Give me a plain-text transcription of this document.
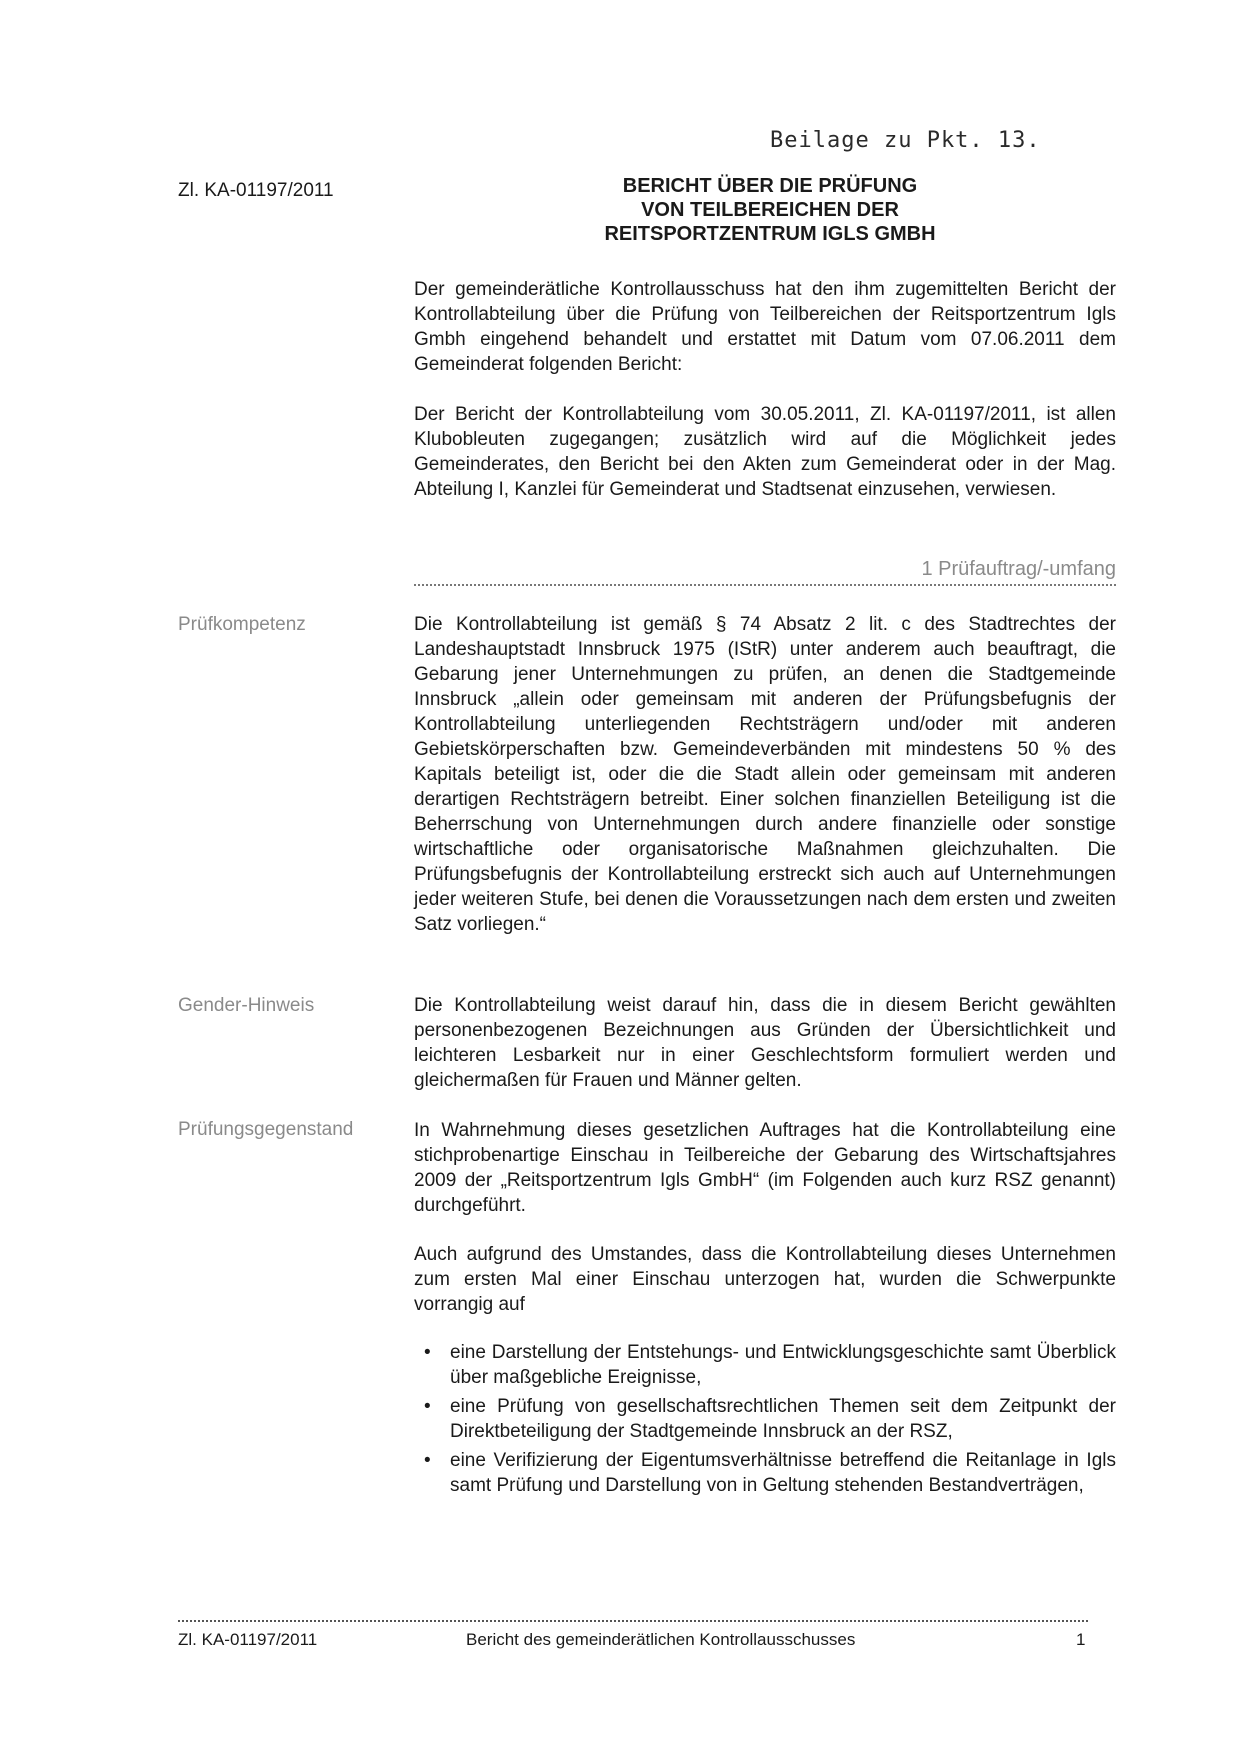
Beilage zu Pkt. 13.
Zl. KA-01197/2011	BERICHT ÜBER DIE PRÜFUNG
VON TEILBEREICHEN DER
REITSPORTZENTRUM IGLS GMBH
Der gemeinderätliche Kontrollausschuss hat den ihm zugemittelten Bericht der Kontrollabteilung über die Prüfung von Teilbereichen der Reitsportzentrum Igls Gmbh eingehend behandelt und erstattet mit Datum vom 07.06.2011 dem Gemeinderat folgenden Bericht:
Der Bericht der Kontrollabteilung vom 30.05.2011, Zl. KA-01197/2011, ist allen Klubobleuten zugegangen; zusätzlich wird auf die Möglichkeit jedes Gemeinderates, den Bericht bei den Akten zum Gemeinderat oder in der Mag. Abteilung I, Kanzlei für Gemeinderat und Stadtsenat einzusehen, verwiesen.
1 Prüfauftrag/-umfang
Prüfkompetenz	Die Kontrollabteilung ist gemäß § 74 Absatz 2 lit. c des Stadtrechtes der Landeshauptstadt Innsbruck 1975 (IStR) unter anderem auch beauftragt, die Gebarung jener Unternehmungen zu prüfen, an denen die Stadtgemeinde Innsbruck „allein oder gemeinsam mit anderen der Prüfungsbefugnis der Kontrollabteilung unterliegenden Rechtsträgern und/oder mit anderen Gebietskörperschaften bzw. Gemeindeverbänden mit mindestens 50 % des Kapitals beteiligt ist, oder die die Stadt allein oder gemeinsam mit anderen derartigen Rechtsträgern betreibt. Einer solchen finanziellen Beteiligung ist die Beherrschung von Unternehmungen durch andere finanzielle oder sonstige wirtschaftliche oder organisatorische Maßnahmen gleichzuhalten. Die Prüfungsbefugnis der Kontrollabteilung erstreckt sich auch auf Unternehmungen jeder weiteren Stufe, bei denen die Voraussetzungen nach dem ersten und zweiten Satz vorliegen.“
Gender-Hinweis	Die Kontrollabteilung weist darauf hin, dass die in diesem Bericht gewählten personenbezogenen Bezeichnungen aus Gründen der Übersichtlichkeit und leichteren Lesbarkeit nur in einer Geschlechtsform formuliert werden und gleichermaßen für Frauen und Männer gelten.
Prüfungsgegenstand	In Wahrnehmung dieses gesetzlichen Auftrages hat die Kontrollabteilung eine stichprobenartige Einschau in Teilbereiche der Gebarung des Wirtschaftsjahres 2009 der „Reitsportzentrum Igls GmbH“ (im Folgenden auch kurz RSZ genannt) durchgeführt.
Auch aufgrund des Umstandes, dass die Kontrollabteilung dieses Unternehmen zum ersten Mal einer Einschau unterzogen hat, wurden die Schwerpunkte vorrangig auf
• eine Darstellung der Entstehungs- und Entwicklungsgeschichte samt Überblick über maßgebliche Ereignisse,
• eine Prüfung von gesellschaftsrechtlichen Themen seit dem Zeitpunkt der Direktbeteiligung der Stadtgemeinde Innsbruck an der RSZ,
• eine Verifizierung der Eigentumsverhältnisse betreffend die Reitanlage in Igls samt Prüfung und Darstellung von in Geltung stehenden Bestandverträgen,
Zl. KA-01197/2011	Bericht des gemeinderätlichen Kontrollausschusses	1
